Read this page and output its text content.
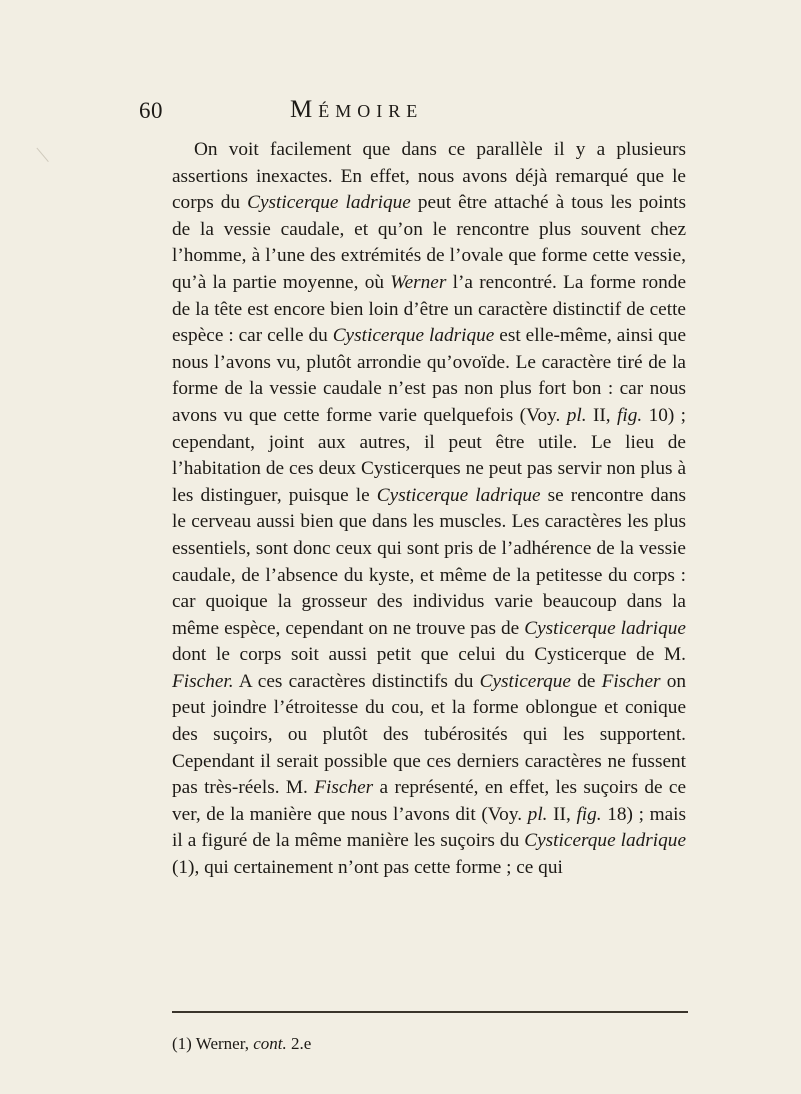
60	Mémoire

On voit facilement que dans ce parallèle il y a plusieurs assertions inexactes. En effet, nous avons déjà remarqué que le corps du Cysticerque ladrique peut être attaché à tous les points de la vessie caudale, et qu’on le rencontre plus souvent chez l’homme, à l’une des extrémités de l’ovale que forme cette vessie, qu’à la partie moyenne, où Werner l’a rencontré. La forme ronde de la tête est encore bien loin d’être un caractère distinctif de cette espèce : car celle du Cysticerque ladrique est elle-même, ainsi que nous l’avons vu, plutôt arrondie qu’ovoïde. Le caractère tiré de la forme de la vessie caudale n’est pas non plus fort bon : car nous avons vu que cette forme varie quelquefois (Voy. pl. II, fig. 10) ; cependant, joint aux autres, il peut être utile. Le lieu de l’habitation de ces deux Cysticerques ne peut pas servir non plus à les distinguer, puisque le Cysticerque ladrique se rencontre dans le cerveau aussi bien que dans les muscles. Les caractères les plus essentiels, sont donc ceux qui sont pris de l’adhérence de la vessie caudale, de l’absence du kyste, et même de la petitesse du corps : car quoique la grosseur des individus varie beaucoup dans la même espèce, cependant on ne trouve pas de Cysticerque ladrique dont le corps soit aussi petit que celui du Cysticerque de M. Fischer. A ces caractères distinctifs du Cysticerque de Fischer on peut joindre l’étroitesse du cou, et la forme oblongue et conique des suçoirs, ou plutôt des tubérosités qui les supportent. Cependant il serait possible que ces derniers caractères ne fussent pas très-réels. M. Fischer a représenté, en effet, les suçoirs de ce ver, de la manière que nous l’avons dit (Voy. pl. II, fig. 18) ; mais il a figuré de la même manière les suçoirs du Cysticerque ladrique (1), qui certainement n’ont pas cette forme ; ce qui

(1) Werner, cont. 2.e
